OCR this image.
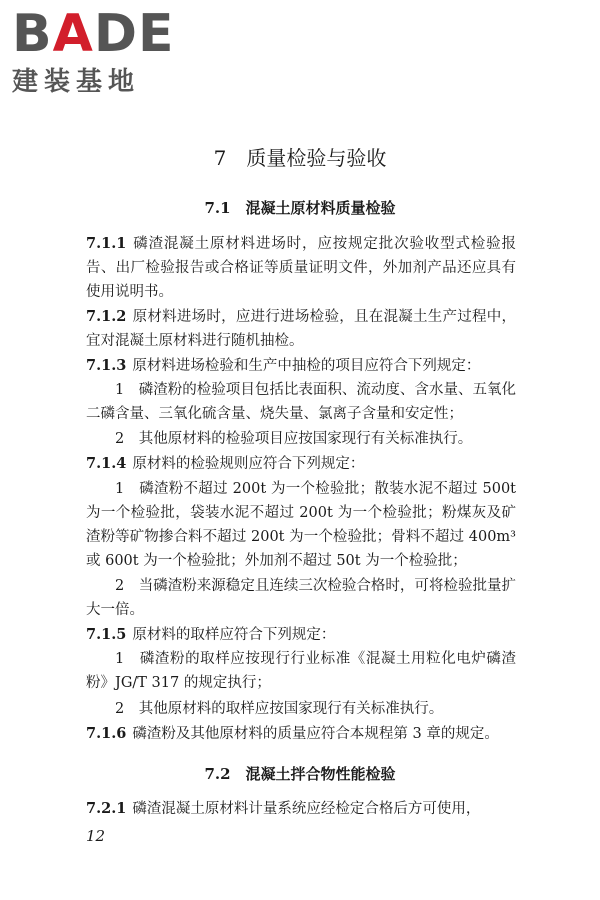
BADE
建装基地
7　质量检验与验收
7.1　混凝土原材料质量检验
7.1.1 磷渣混凝土原材料进场时，应按规定批次验收型式检验报告、出厂检验报告或合格证等质量证明文件，外加剂产品还应具有使用说明书。
7.1.2 原材料进场时，应进行进场检验，且在混凝土生产过程中，宜对混凝土原材料进行随机抽检。
7.1.3 原材料进场检验和生产中抽检的项目应符合下列规定：
1　磷渣粉的检验项目包括比表面积、流动度、含水量、五氧化二磷含量、三氧化硫含量、烧失量、氯离子含量和安定性；
2　其他原材料的检验项目应按国家现行有关标准执行。
7.1.4 原材料的检验规则应符合下列规定：
1　磷渣粉不超过 200t 为一个检验批；散装水泥不超过 500t 为一个检验批，袋装水泥不超过 200t 为一个检验批；粉煤灰及矿渣粉等矿物掺合料不超过 200t 为一个检验批；骨料不超过 400m³ 或 600t 为一个检验批；外加剂不超过 50t 为一个检验批；
2　当磷渣粉来源稳定且连续三次检验合格时，可将检验批量扩大一倍。
7.1.5 原材料的取样应符合下列规定：
1　磷渣粉的取样应按现行行业标准《混凝土用粒化电炉磷渣粉》JG/T 317 的规定执行；
2　其他原材料的取样应按国家现行有关标准执行。
7.1.6 磷渣粉及其他原材料的质量应符合本规程第 3 章的规定。
7.2　混凝土拌合物性能检验
7.2.1 磷渣混凝土原材料计量系统应经检定合格后方可使用，
12
